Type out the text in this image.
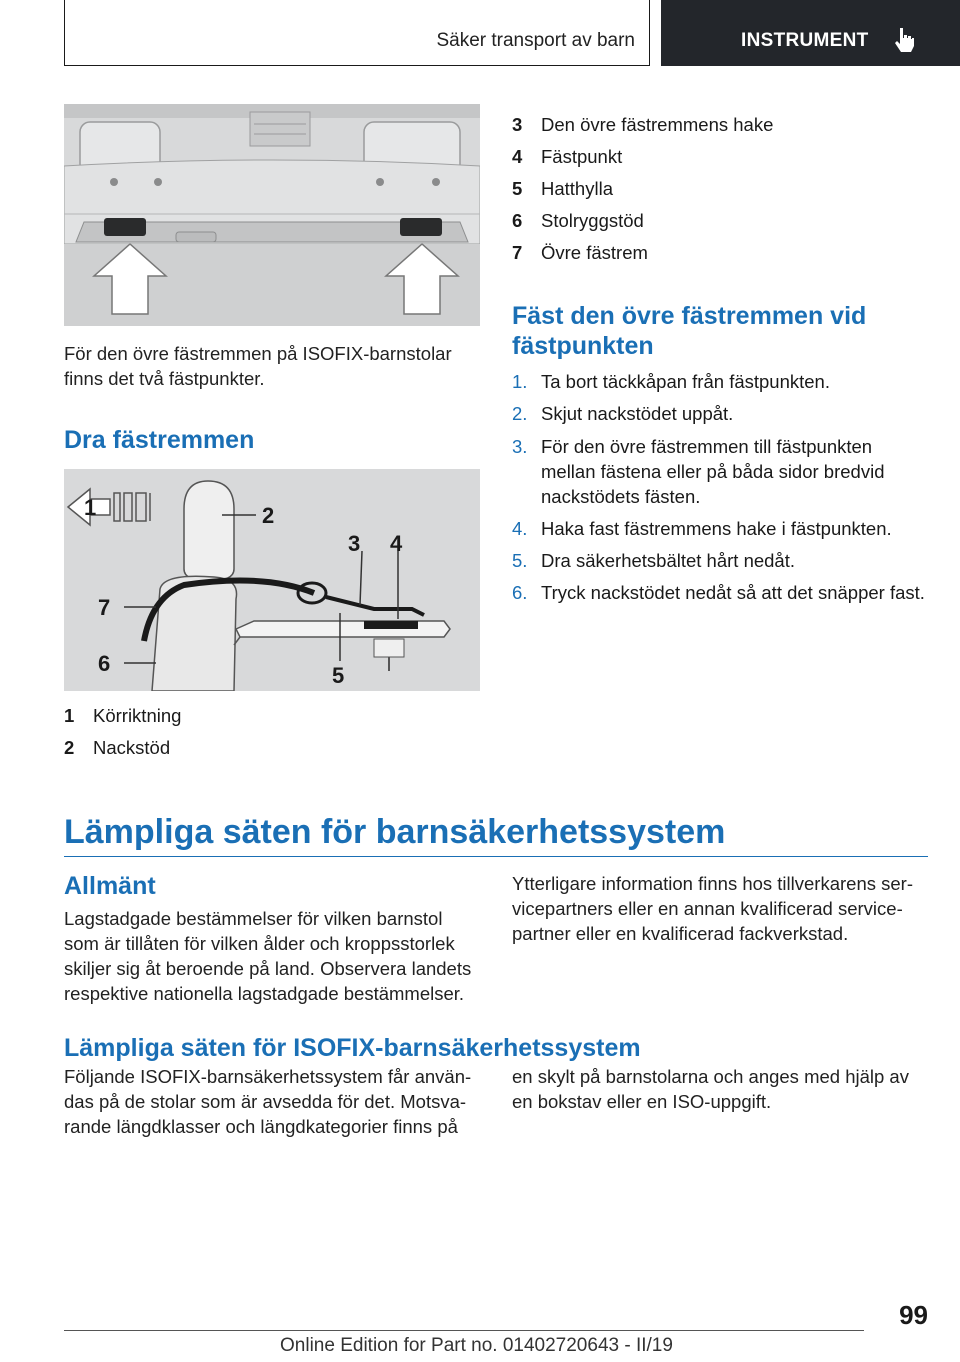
Säker transport av barn	INSTRUMENT
För den övre fästremmen på ISOFIX-barnstolar finns det två fästpunkter.
Dra fästremmen
1	2
3 4
5
6
7
1 Körriktning
2 Nackstöd
3 Den övre fästremmens hake
4 Fästpunkt
5 Hatthylla
6 Stolryggstöd
7 Övre fästrem
Fäst den övre fästremmen vid fästpunkten
1. Ta bort täckkåpan från fästpunkten.
2. Skjut nackstödet uppåt.
3. För den övre fästremmen till fästpunkten mellan fästena eller på båda sidor bredvid nackstödets fästen.
4. Haka fast fästremmens hake i fästpunkten.
5. Dra säkerhetsbältet hårt nedåt.
6. Tryck nackstödet nedåt så att det snäpper fast.
Lämpliga säten för barnsäkerhetssystem
Allmänt
Lagstadgade bestämmelser för vilken barnstol som är tillåten för vilken ålder och kroppsstorlek skiljer sig åt beroende på land. Observera landets respektive nationella lagstadgade bestämmelser.
Ytterligare information finns hos tillverkarens servicepartners eller en annan kvalificerad servicepartner eller en kvalificerad fackverkstad.
Lämpliga säten för ISOFIX-barnsäkerhetssystem
Följande ISOFIX-barnsäkerhetssystem får användas på de stolar som är avsedda för det. Motsvarande längdklasser och längdkategorier finns på
en skylt på barnstolarna och anges med hjälp av en bokstav eller en ISO-uppgift.
99
Online Edition for Part no. 01402720643 - II/19
